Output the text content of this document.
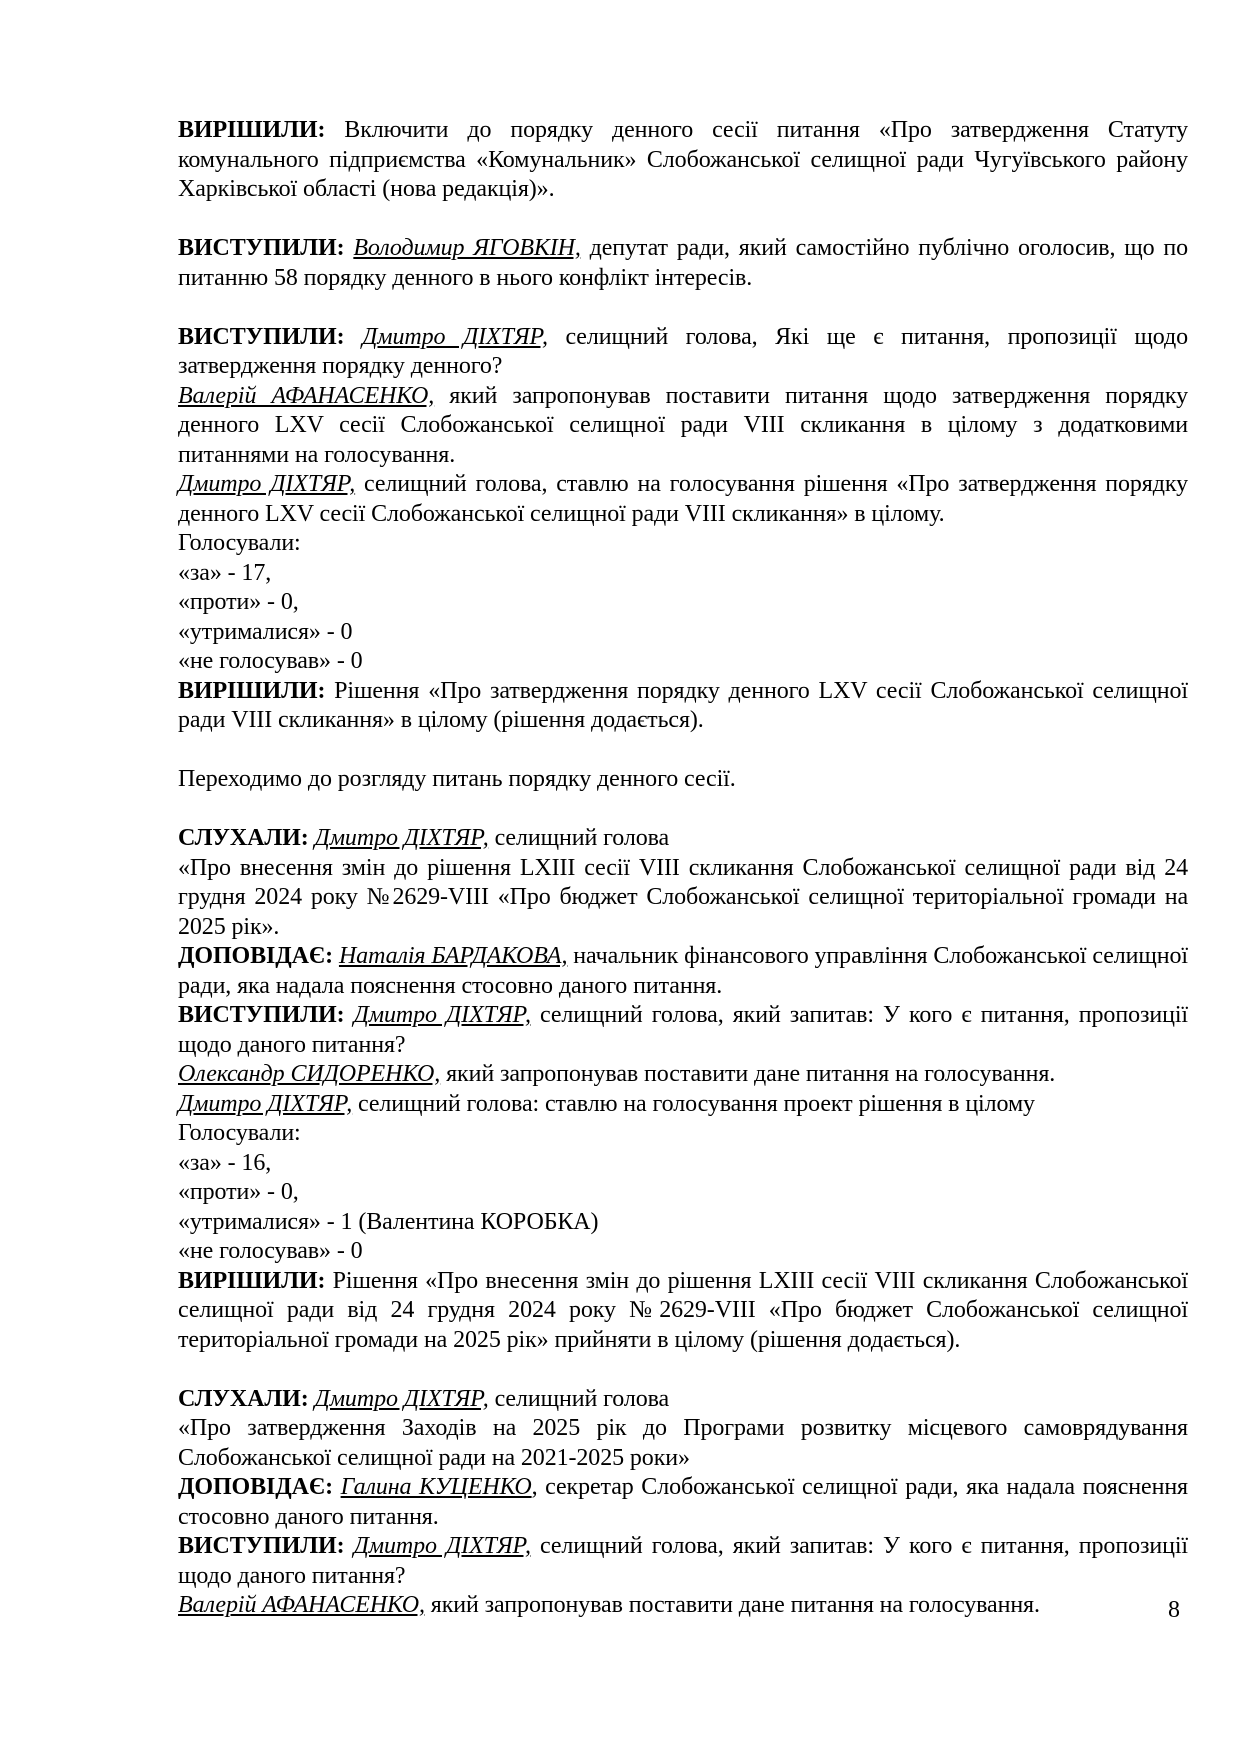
ВИРІШИЛИ: Включити до порядку денного сесії питання «Про затвердження Статуту комунального підприємства «Комунальник» Слобожанської селищної ради Чугуївського району Харківської області (нова редакція)».

ВИСТУПИЛИ: Володимир ЯГОВКІН, депутат ради, який самостійно публічно оголосив, що по питанню 58 порядку денного в нього конфлікт інтересів.

ВИСТУПИЛИ: Дмитро ДІХТЯР, селищний голова, Які ще є питання, пропозиції щодо затвердження порядку денного?

Валерій АФАНАСЕНКО, який запропонував поставити питання щодо затвердження порядку денного LXV сесії Слобожанської селищної ради VIII скликання в цілому з додатковими питаннями на голосування.

Дмитро ДІХТЯР, селищний голова, ставлю на голосування рішення «Про затвердження порядку денного LXV сесії Слобожанської селищної ради VIII скликання» в цілому.

Голосували:

«за» - 17,

«проти» - 0,

«утрималися» - 0

«не голосував» - 0

ВИРІШИЛИ: Рішення «Про затвердження порядку денного LXV сесії Слобожанської селищної ради VIII скликання» в цілому (рішення додається).

Переходимо до розгляду питань порядку денного сесії.

СЛУХАЛИ: Дмитро ДІХТЯР, селищний голова

«Про внесення змін до рішення LXIII сесії VIII скликання Слобожанської селищної ради від 24 грудня 2024 року №2629-VIII «Про бюджет Слобожанської селищної територіальної громади на 2025 рік».

ДОПОВІДАЄ: Наталія БАРДАКОВА, начальник фінансового управління Слобожанської селищної ради, яка надала пояснення стосовно даного питання.

ВИСТУПИЛИ: Дмитро ДІХТЯР, селищний голова, який запитав: У кого є питання, пропозиції щодо даного питання?

Олександр СИДОРЕНКО, який запропонував поставити дане питання на голосування.

Дмитро ДІХТЯР, селищний голова: ставлю на голосування проект рішення в цілому

Голосували:

«за» - 16,

«проти» - 0,

«утрималися» - 1 (Валентина КОРОБКА)

«не голосував» - 0

ВИРІШИЛИ: Рішення «Про внесення змін до рішення LXIII сесії VIII скликання Слобожанської селищної ради від 24 грудня 2024 року №2629-VIII «Про бюджет Слобожанської селищної територіальної громади на 2025 рік» прийняти в цілому (рішення додається).

СЛУХАЛИ: Дмитро ДІХТЯР, селищний голова

«Про затвердження Заходів на 2025 рік до Програми розвитку місцевого самоврядування Слобожанської селищної ради на 2021-2025 роки»

ДОПОВІДАЄ: Галина КУЦЕНКО, секретар Слобожанської селищної ради, яка надала пояснення стосовно даного питання.

ВИСТУПИЛИ: Дмитро ДІХТЯР, селищний голова, який запитав: У кого є питання, пропозиції щодо даного питання?

Валерій АФАНАСЕНКО, який запропонував поставити дане питання на голосування.	8
